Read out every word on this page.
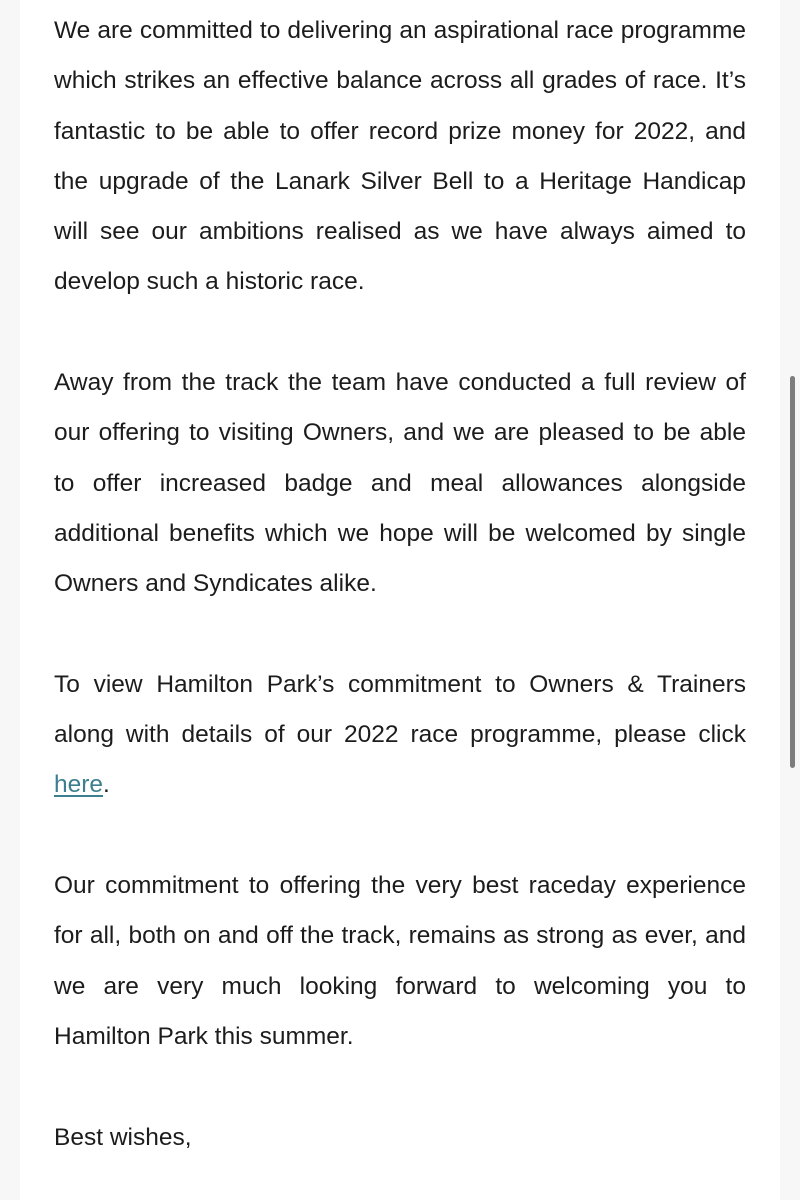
We are committed to delivering an aspirational race programme which strikes an effective balance across all grades of race. It’s fantastic to be able to offer record prize money for 2022, and the upgrade of the Lanark Silver Bell to a Heritage Handicap will see our ambitions realised as we have always aimed to develop such a historic race.

Away from the track the team have conducted a full review of our offering to visiting Owners, and we are pleased to be able to offer increased badge and meal allowances alongside additional benefits which we hope will be welcomed by single Owners and Syndicates alike.

To view Hamilton Park’s commitment to Owners & Trainers along with details of our 2022 race programme, please click here.

Our commitment to offering the very best raceday experience for all, both on and off the track, remains as strong as ever, and we are very much looking forward to welcoming you to Hamilton Park this summer.

Best wishes,
